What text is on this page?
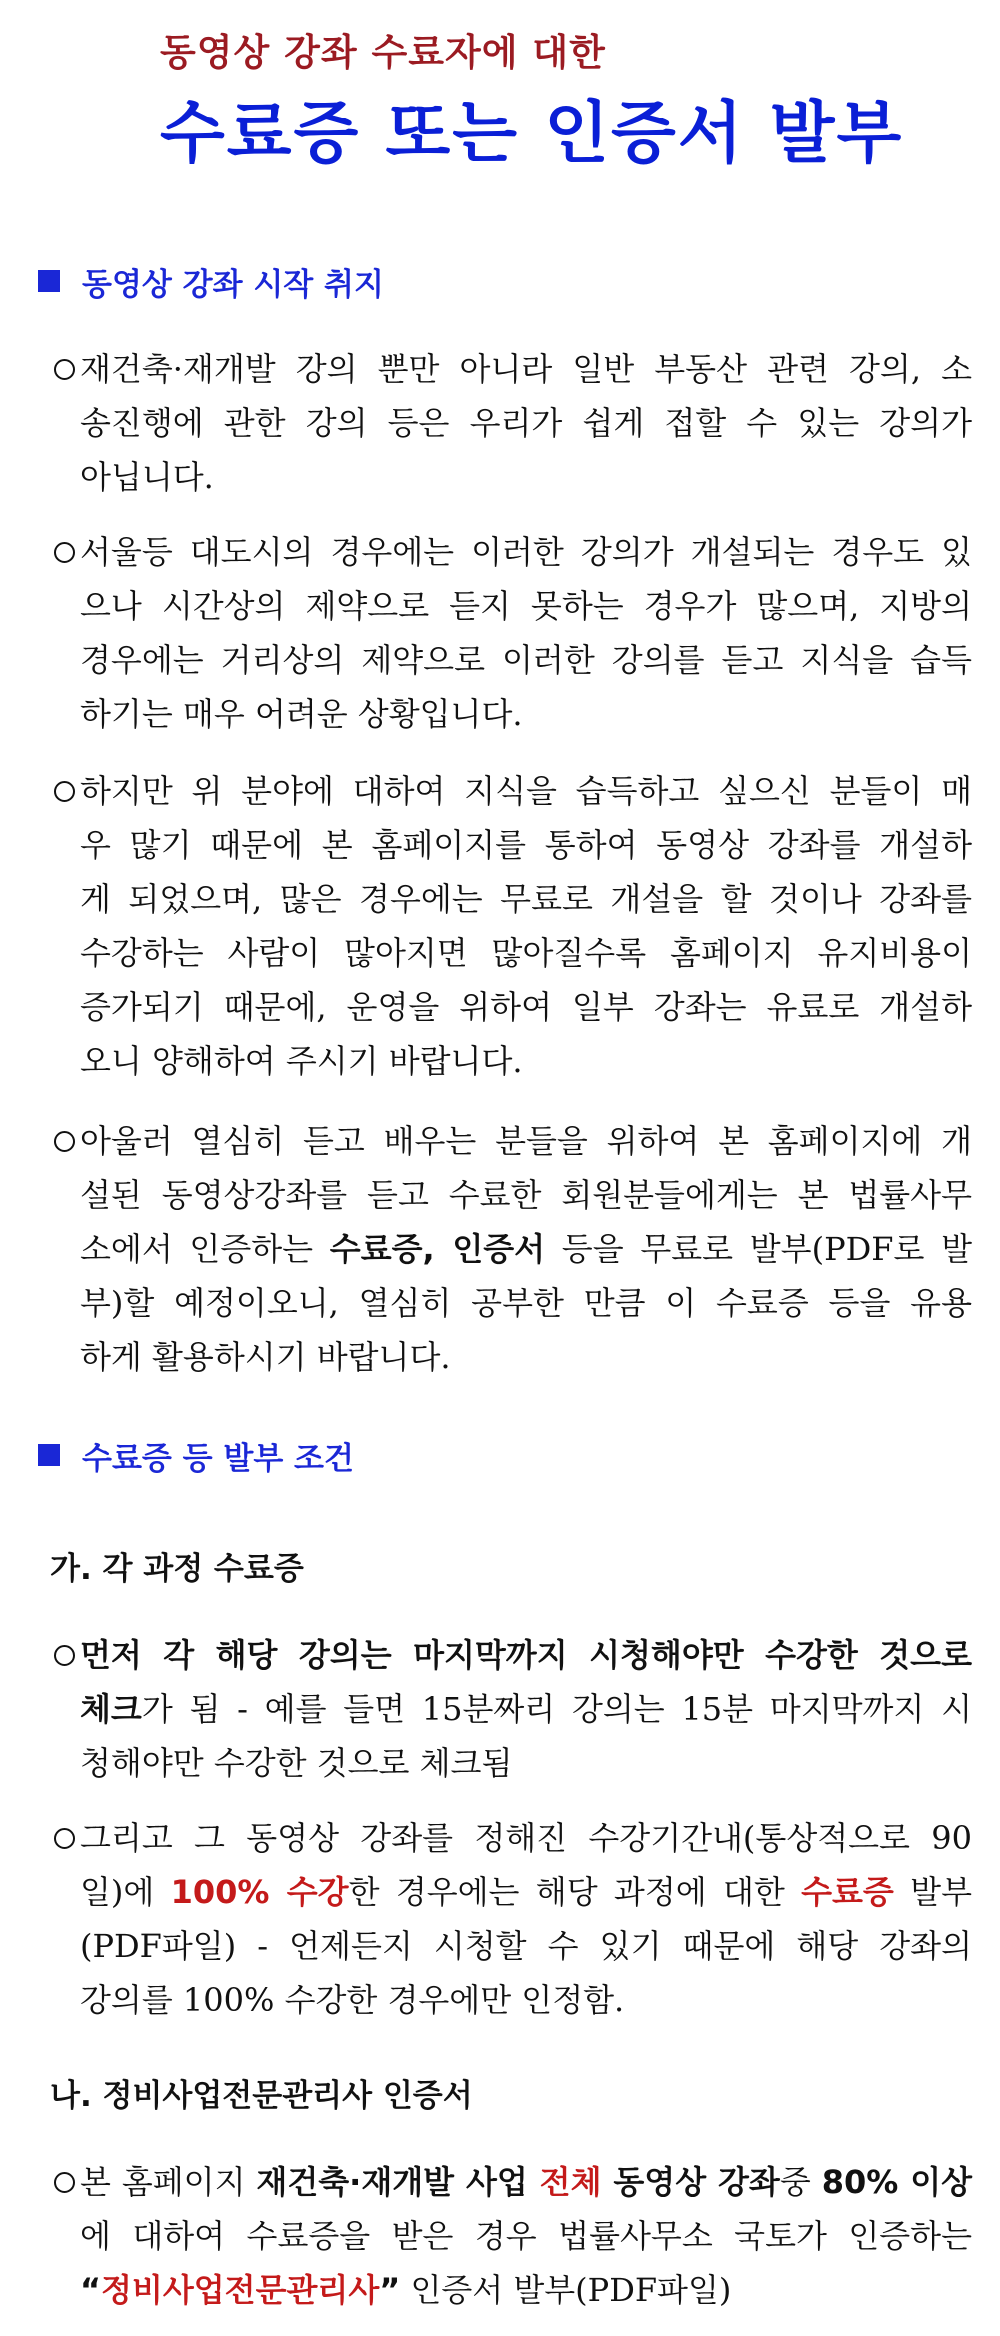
동영상 강좌 수료자에 대한
수료증 또는 인증서 발부
동영상 강좌 시작 취지
재건축·재개발 강의 뿐만 아니라 일반 부동산 관련 강의, 소
송진행에 관한 강의 등은 우리가 쉽게 접할 수 있는 강의가
아닙니다.
서울등 대도시의 경우에는 이러한 강의가 개설되는 경우도 있
으나 시간상의 제약으로 듣지 못하는 경우가 많으며, 지방의
경우에는 거리상의 제약으로 이러한 강의를 듣고 지식을 습득
하기는 매우 어려운 상황입니다.
하지만 위 분야에 대하여 지식을 습득하고 싶으신 분들이 매
우 많기 때문에 본 홈페이지를 통하여 동영상 강좌를 개설하
게 되었으며, 많은 경우에는 무료로 개설을 할 것이나 강좌를
수강하는 사람이 많아지면 많아질수록 홈페이지 유지비용이
증가되기 때문에, 운영을 위하여 일부 강좌는 유료로 개설하
오니 양해하여 주시기 바랍니다.
아울러 열심히 듣고 배우는 분들을 위하여 본 홈페이지에 개
설된 동영상강좌를 듣고 수료한 회원분들에게는 본 법률사무
소에서 인증하는 수료증, 인증서 등을 무료로 발부(PDF로 발
부)할 예정이오니, 열심히 공부한 만큼 이 수료증 등을 유용
하게 활용하시기 바랍니다.
수료증 등 발부 조건
가. 각 과정 수료증
먼저 각 해당 강의는 마지막까지 시청해야만 수강한 것으로
체크가 됨 - 예를 들면 15분짜리 강의는 15분 마지막까지 시
청해야만 수강한 것으로 체크됨
그리고 그 동영상 강좌를 정해진 수강기간내(통상적으로 90
일)에 100% 수강한 경우에는 해당 과정에 대한 수료증 발부
(PDF파일) - 언제든지 시청할 수 있기 때문에 해당 강좌의
강의를 100% 수강한 경우에만 인정함.
나. 정비사업전문관리사 인증서
본 홈페이지 재건축·재개발 사업 전체 동영상 강좌중 80% 이상
에 대하여 수료증을 받은 경우 법률사무소 국토가 인증하는
“정비사업전문관리사” 인증서 발부(PDF파일)
